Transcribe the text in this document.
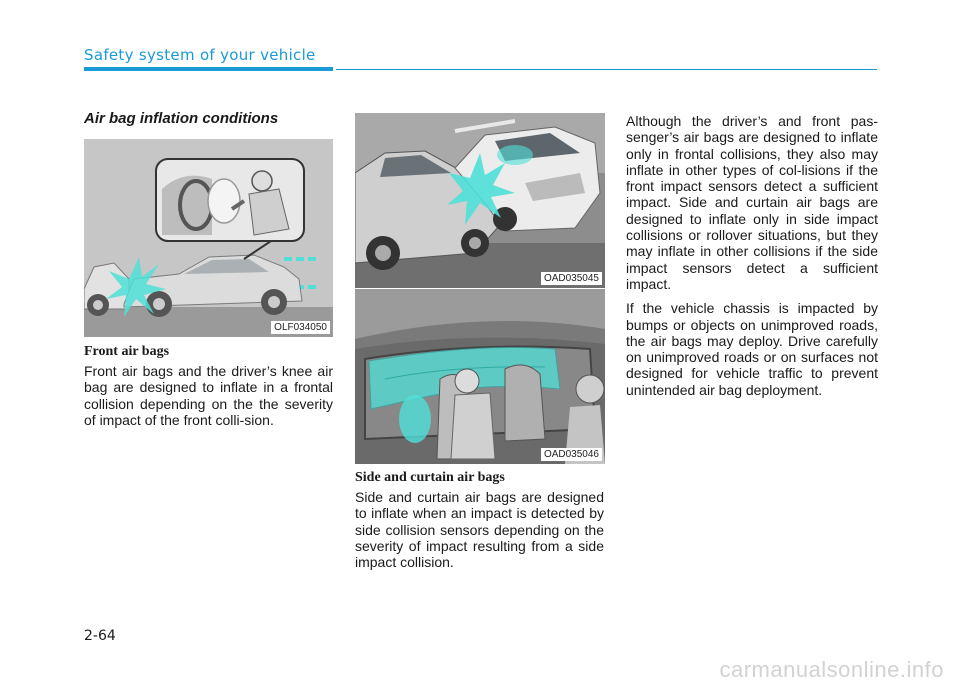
Safety system of your vehicle
Air bag inflation conditions
OLF034050
Front air bags

Front air bags and the driver’s knee air bag are designed to inflate in a frontal collision depending on the the severity of impact of the front colli-sion.

OAD035045
OAD035046
Side and curtain air bags

Side and curtain air bags are designed to inflate when an impact is detected by side collision sensors depending on the severity of impact resulting from a side impact collision.

Although the driver’s and front pas-senger’s air bags are designed to inflate only in frontal collisions, they also may inflate in other types of col-lisions if the front impact sensors detect a sufficient impact. Side and curtain air bags are designed to inflate only in side impact collisions or rollover situations, but they may inflate in other collisions if the side impact sensors detect a sufficient impact.

If the vehicle chassis is impacted by bumps or objects on unimproved roads, the air bags may deploy. Drive carefully on unimproved roads or on surfaces not designed for vehicle traffic to prevent unintended air bag deployment.

2-64
carmanualsonline.info
